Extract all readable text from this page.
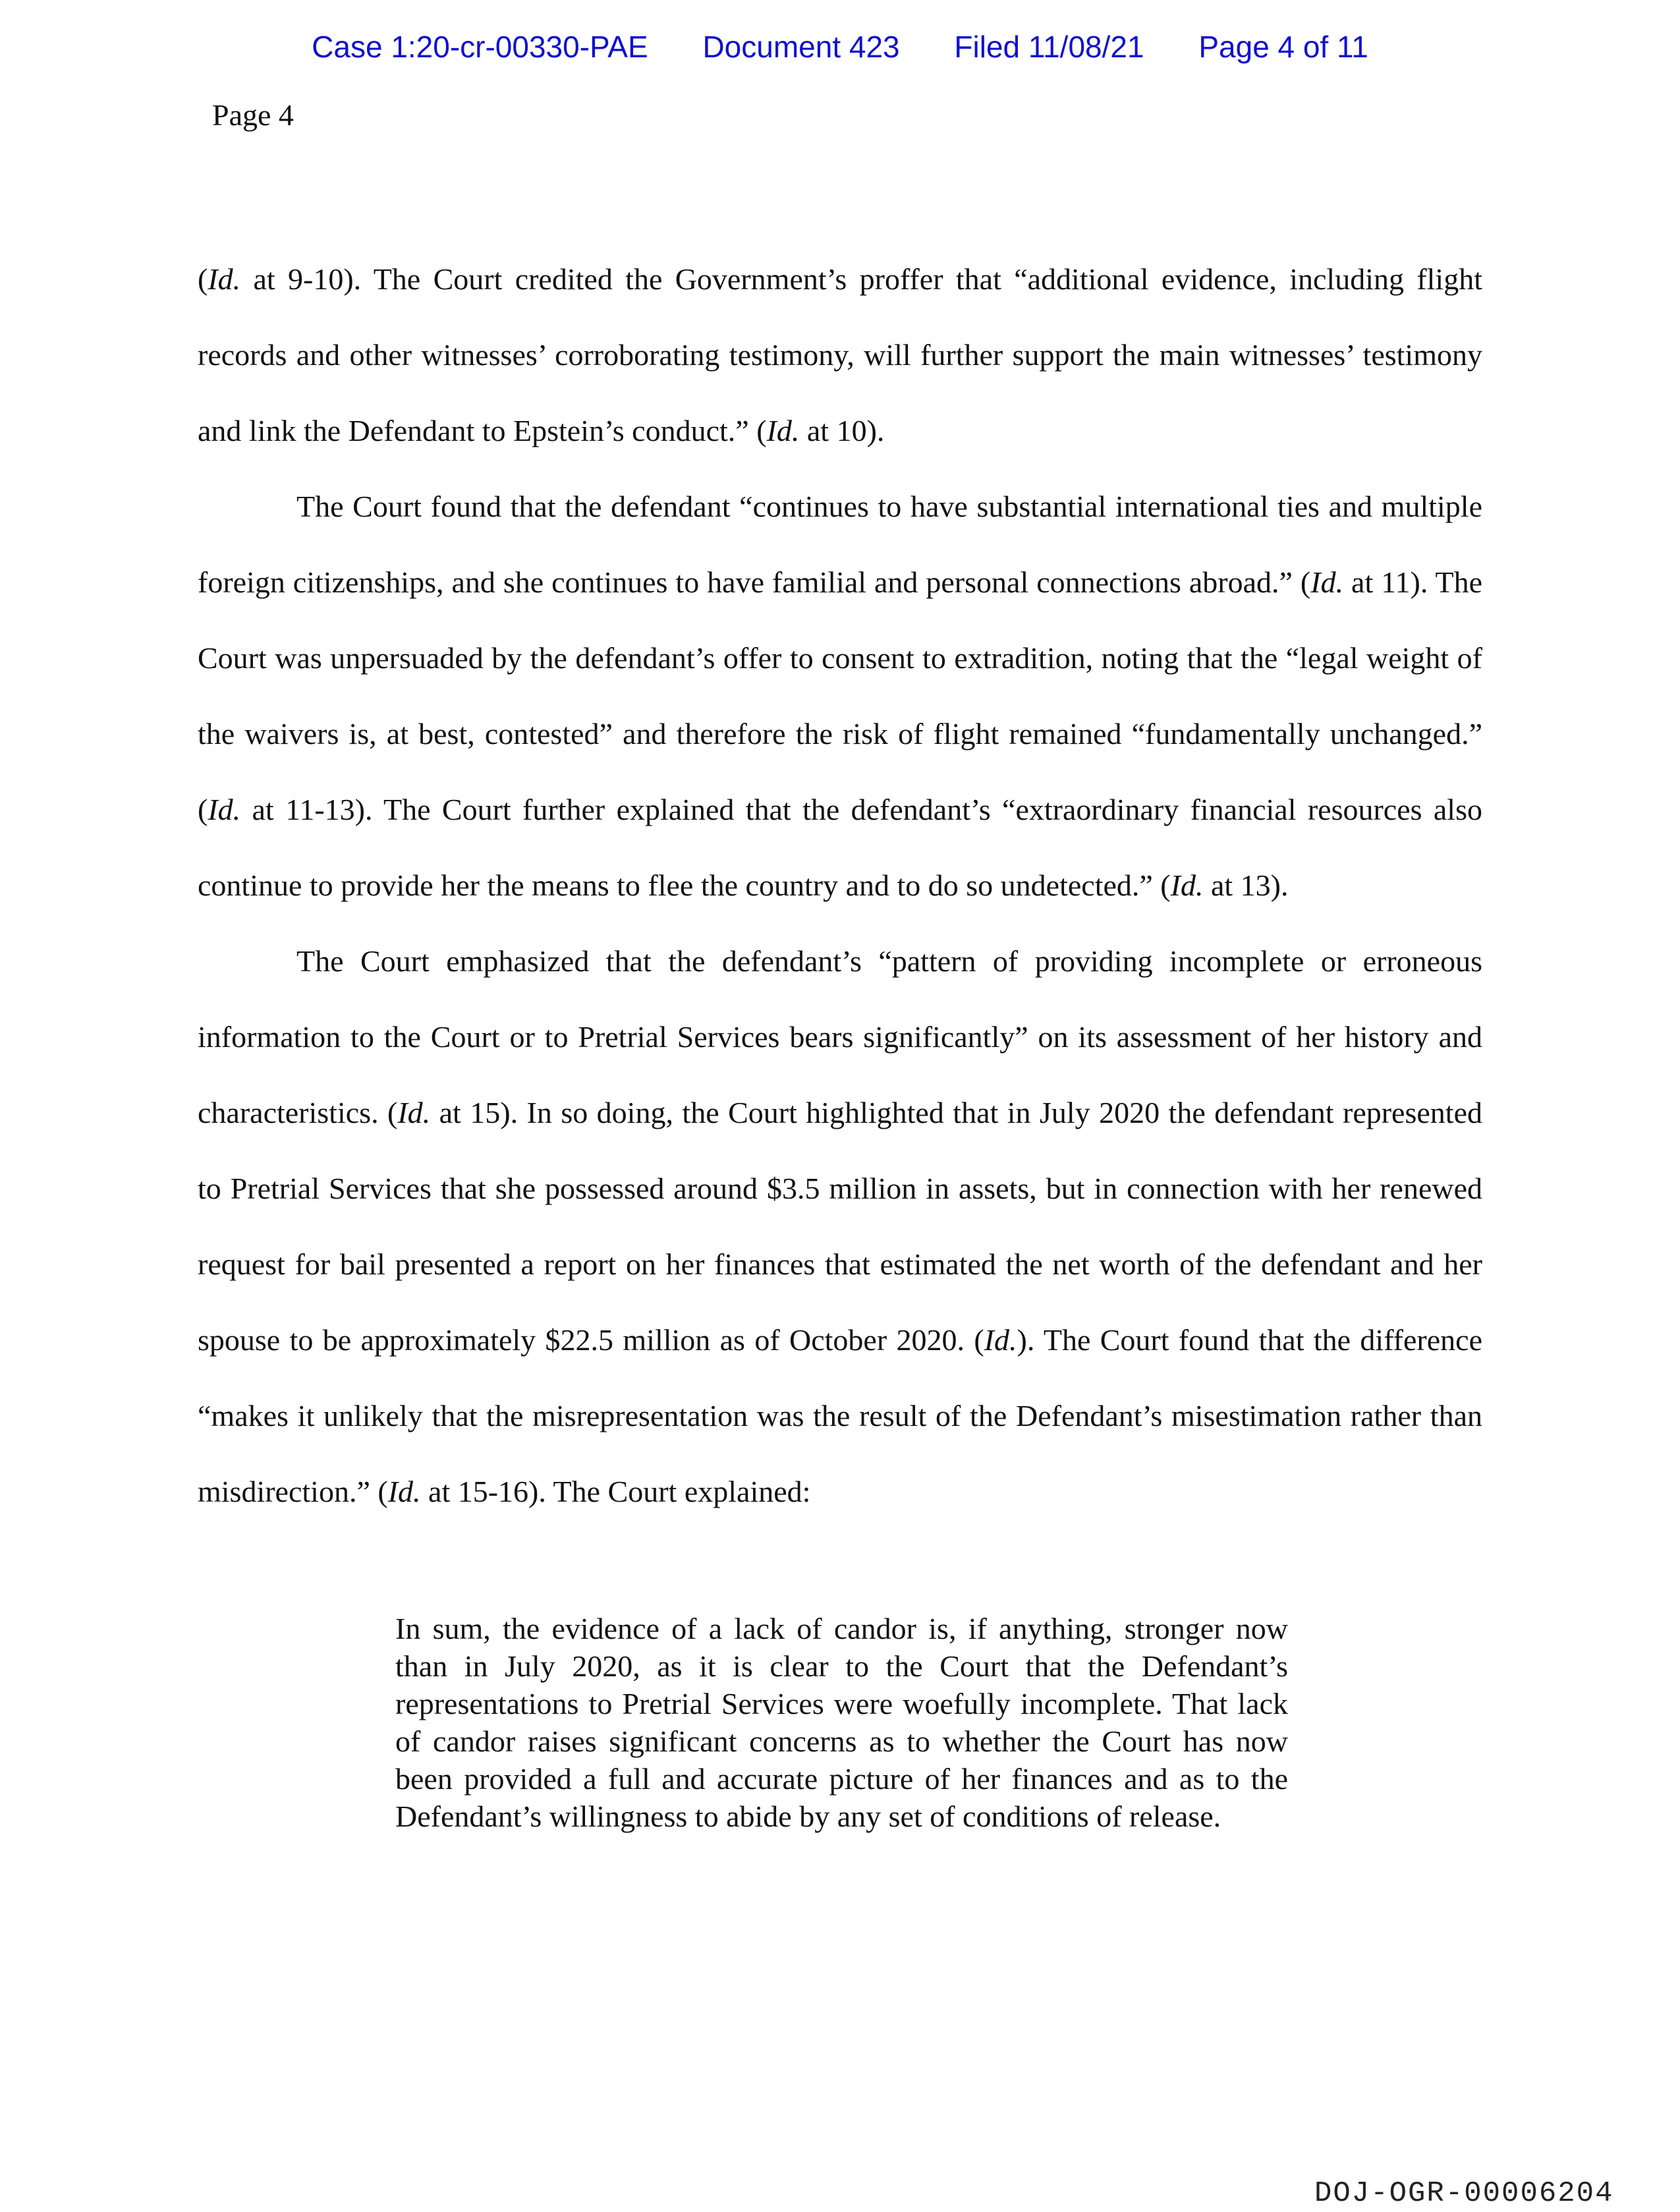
Case 1:20-cr-00330-PAE Document 423 Filed 11/08/21 Page 4 of 11
Page 4

(Id. at 9-10). The Court credited the Government’s proffer that “additional evidence, including flight records and other witnesses’ corroborating testimony, will further support the main witnesses’ testimony and link the Defendant to Epstein’s conduct.” (Id. at 10).

The Court found that the defendant “continues to have substantial international ties and multiple foreign citizenships, and she continues to have familial and personal connections abroad.” (Id. at 11). The Court was unpersuaded by the defendant’s offer to consent to extradition, noting that the “legal weight of the waivers is, at best, contested” and therefore the risk of flight remained “fundamentally unchanged.” (Id. at 11-13). The Court further explained that the defendant’s “extraordinary financial resources also continue to provide her the means to flee the country and to do so undetected.” (Id. at 13).

The Court emphasized that the defendant’s “pattern of providing incomplete or erroneous information to the Court or to Pretrial Services bears significantly” on its assessment of her history and characteristics. (Id. at 15). In so doing, the Court highlighted that in July 2020 the defendant represented to Pretrial Services that she possessed around $3.5 million in assets, but in connection with her renewed request for bail presented a report on her finances that estimated the net worth of the defendant and her spouse to be approximately $22.5 million as of October 2020. (Id.). The Court found that the difference “makes it unlikely that the misrepresentation was the result of the Defendant’s misestimation rather than misdirection.” (Id. at 15-16). The Court explained:

In sum, the evidence of a lack of candor is, if anything, stronger now than in July 2020, as it is clear to the Court that the Defendant’s representations to Pretrial Services were woefully incomplete. That lack of candor raises significant concerns as to whether the Court has now been provided a full and accurate picture of her finances and as to the Defendant’s willingness to abide by any set of conditions of release.
DOJ-OGR-00006204
